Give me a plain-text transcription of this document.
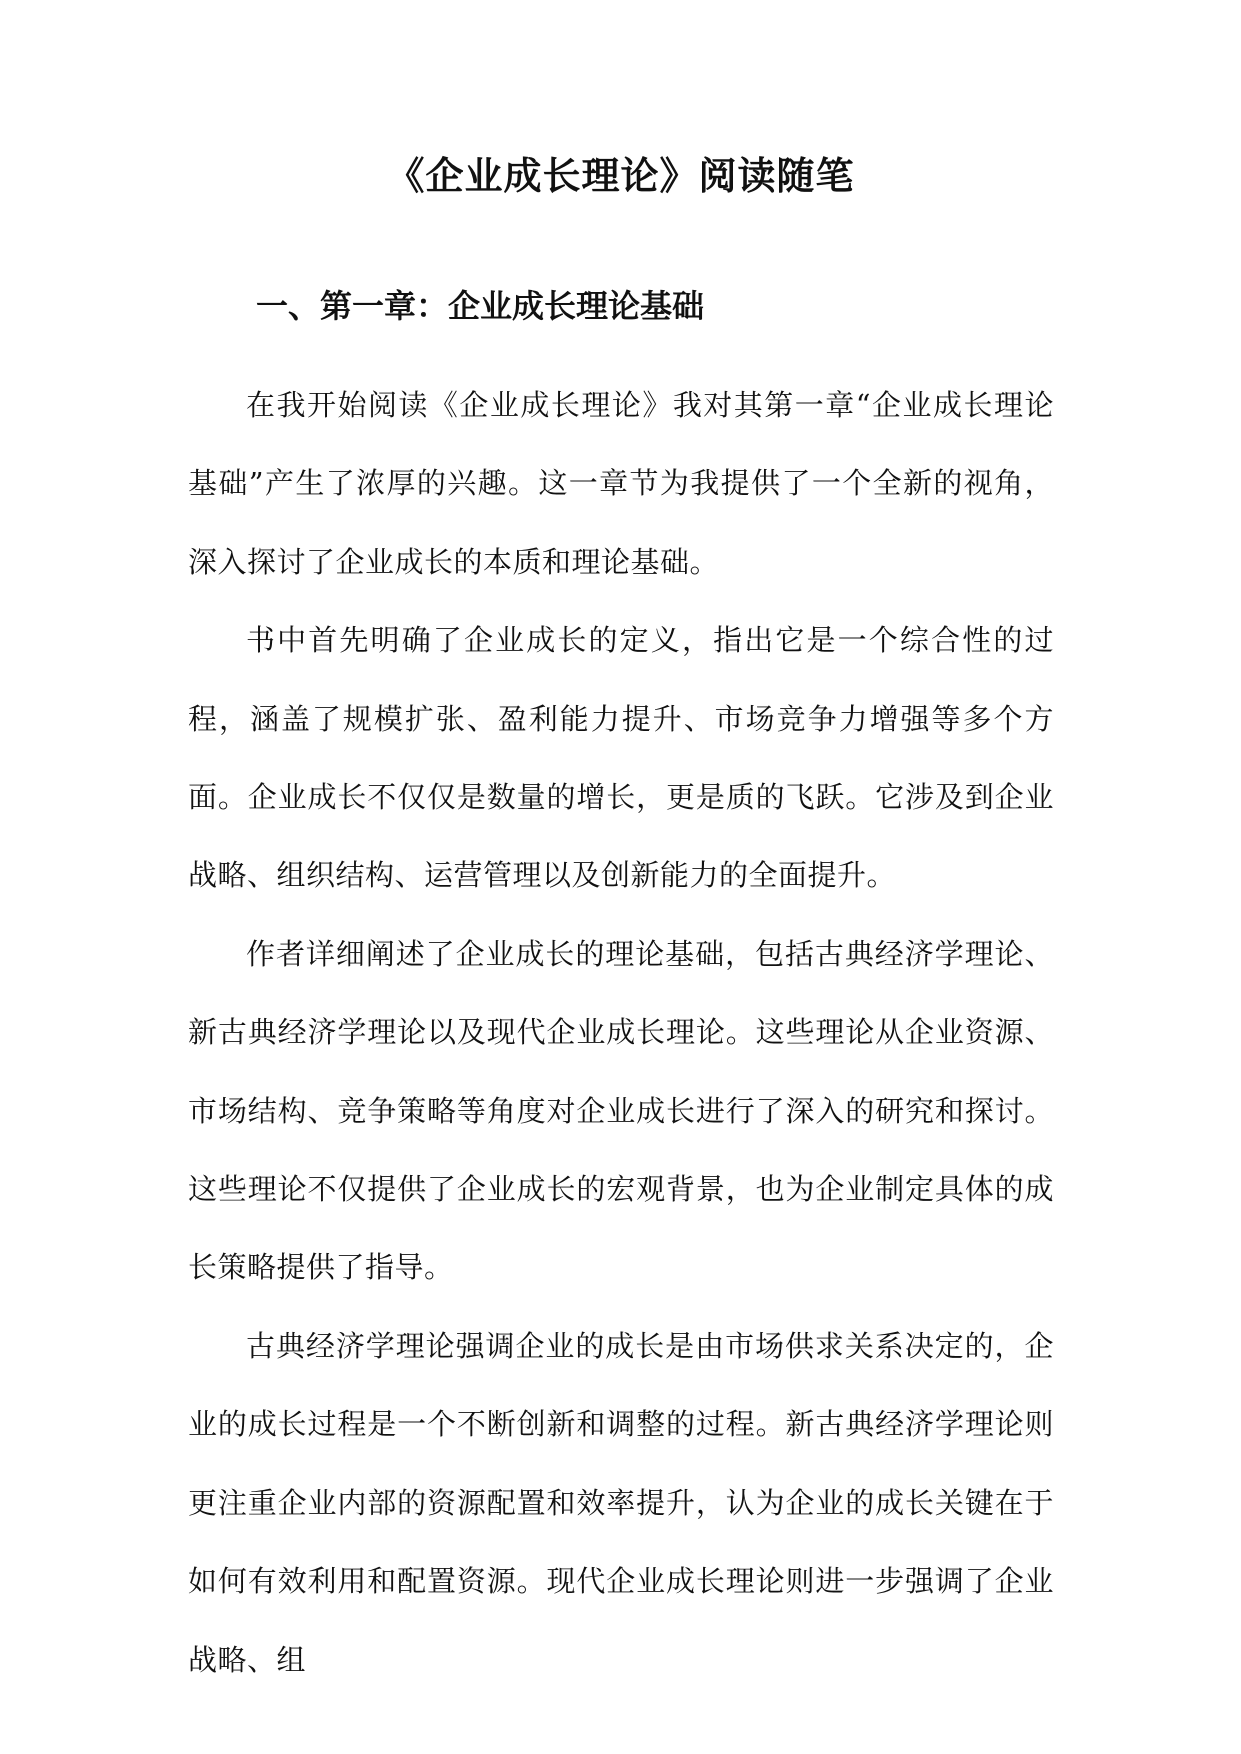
《企业成长理论》阅读随笔
一、第一章：企业成长理论基础

在我开始阅读《企业成长理论》我对其第一章“企业成长理论基础”产生了浓厚的兴趣。这一章节为我提供了一个全新的视角，深入探讨了企业成长的本质和理论基础。

书中首先明确了企业成长的定义，指出它是一个综合性的过程，涵盖了规模扩张、盈利能力提升、市场竞争力增强等多个方面。企业成长不仅仅是数量的增长，更是质的飞跃。它涉及到企业战略、组织结构、运营管理以及创新能力的全面提升。

作者详细阐述了企业成长的理论基础，包括古典经济学理论、新古典经济学理论以及现代企业成长理论。这些理论从企业资源、市场结构、竞争策略等角度对企业成长进行了深入的研究和探讨。这些理论不仅提供了企业成长的宏观背景，也为企业制定具体的成长策略提供了指导。

古典经济学理论强调企业的成长是由市场供求关系决定的，企业的成长过程是一个不断创新和调整的过程。新古典经济学理论则更注重企业内部的资源配置和效率提升，认为企业的成长关键在于如何有效利用和配置资源。现代企业成长理论则进一步强调了企业战略、组
